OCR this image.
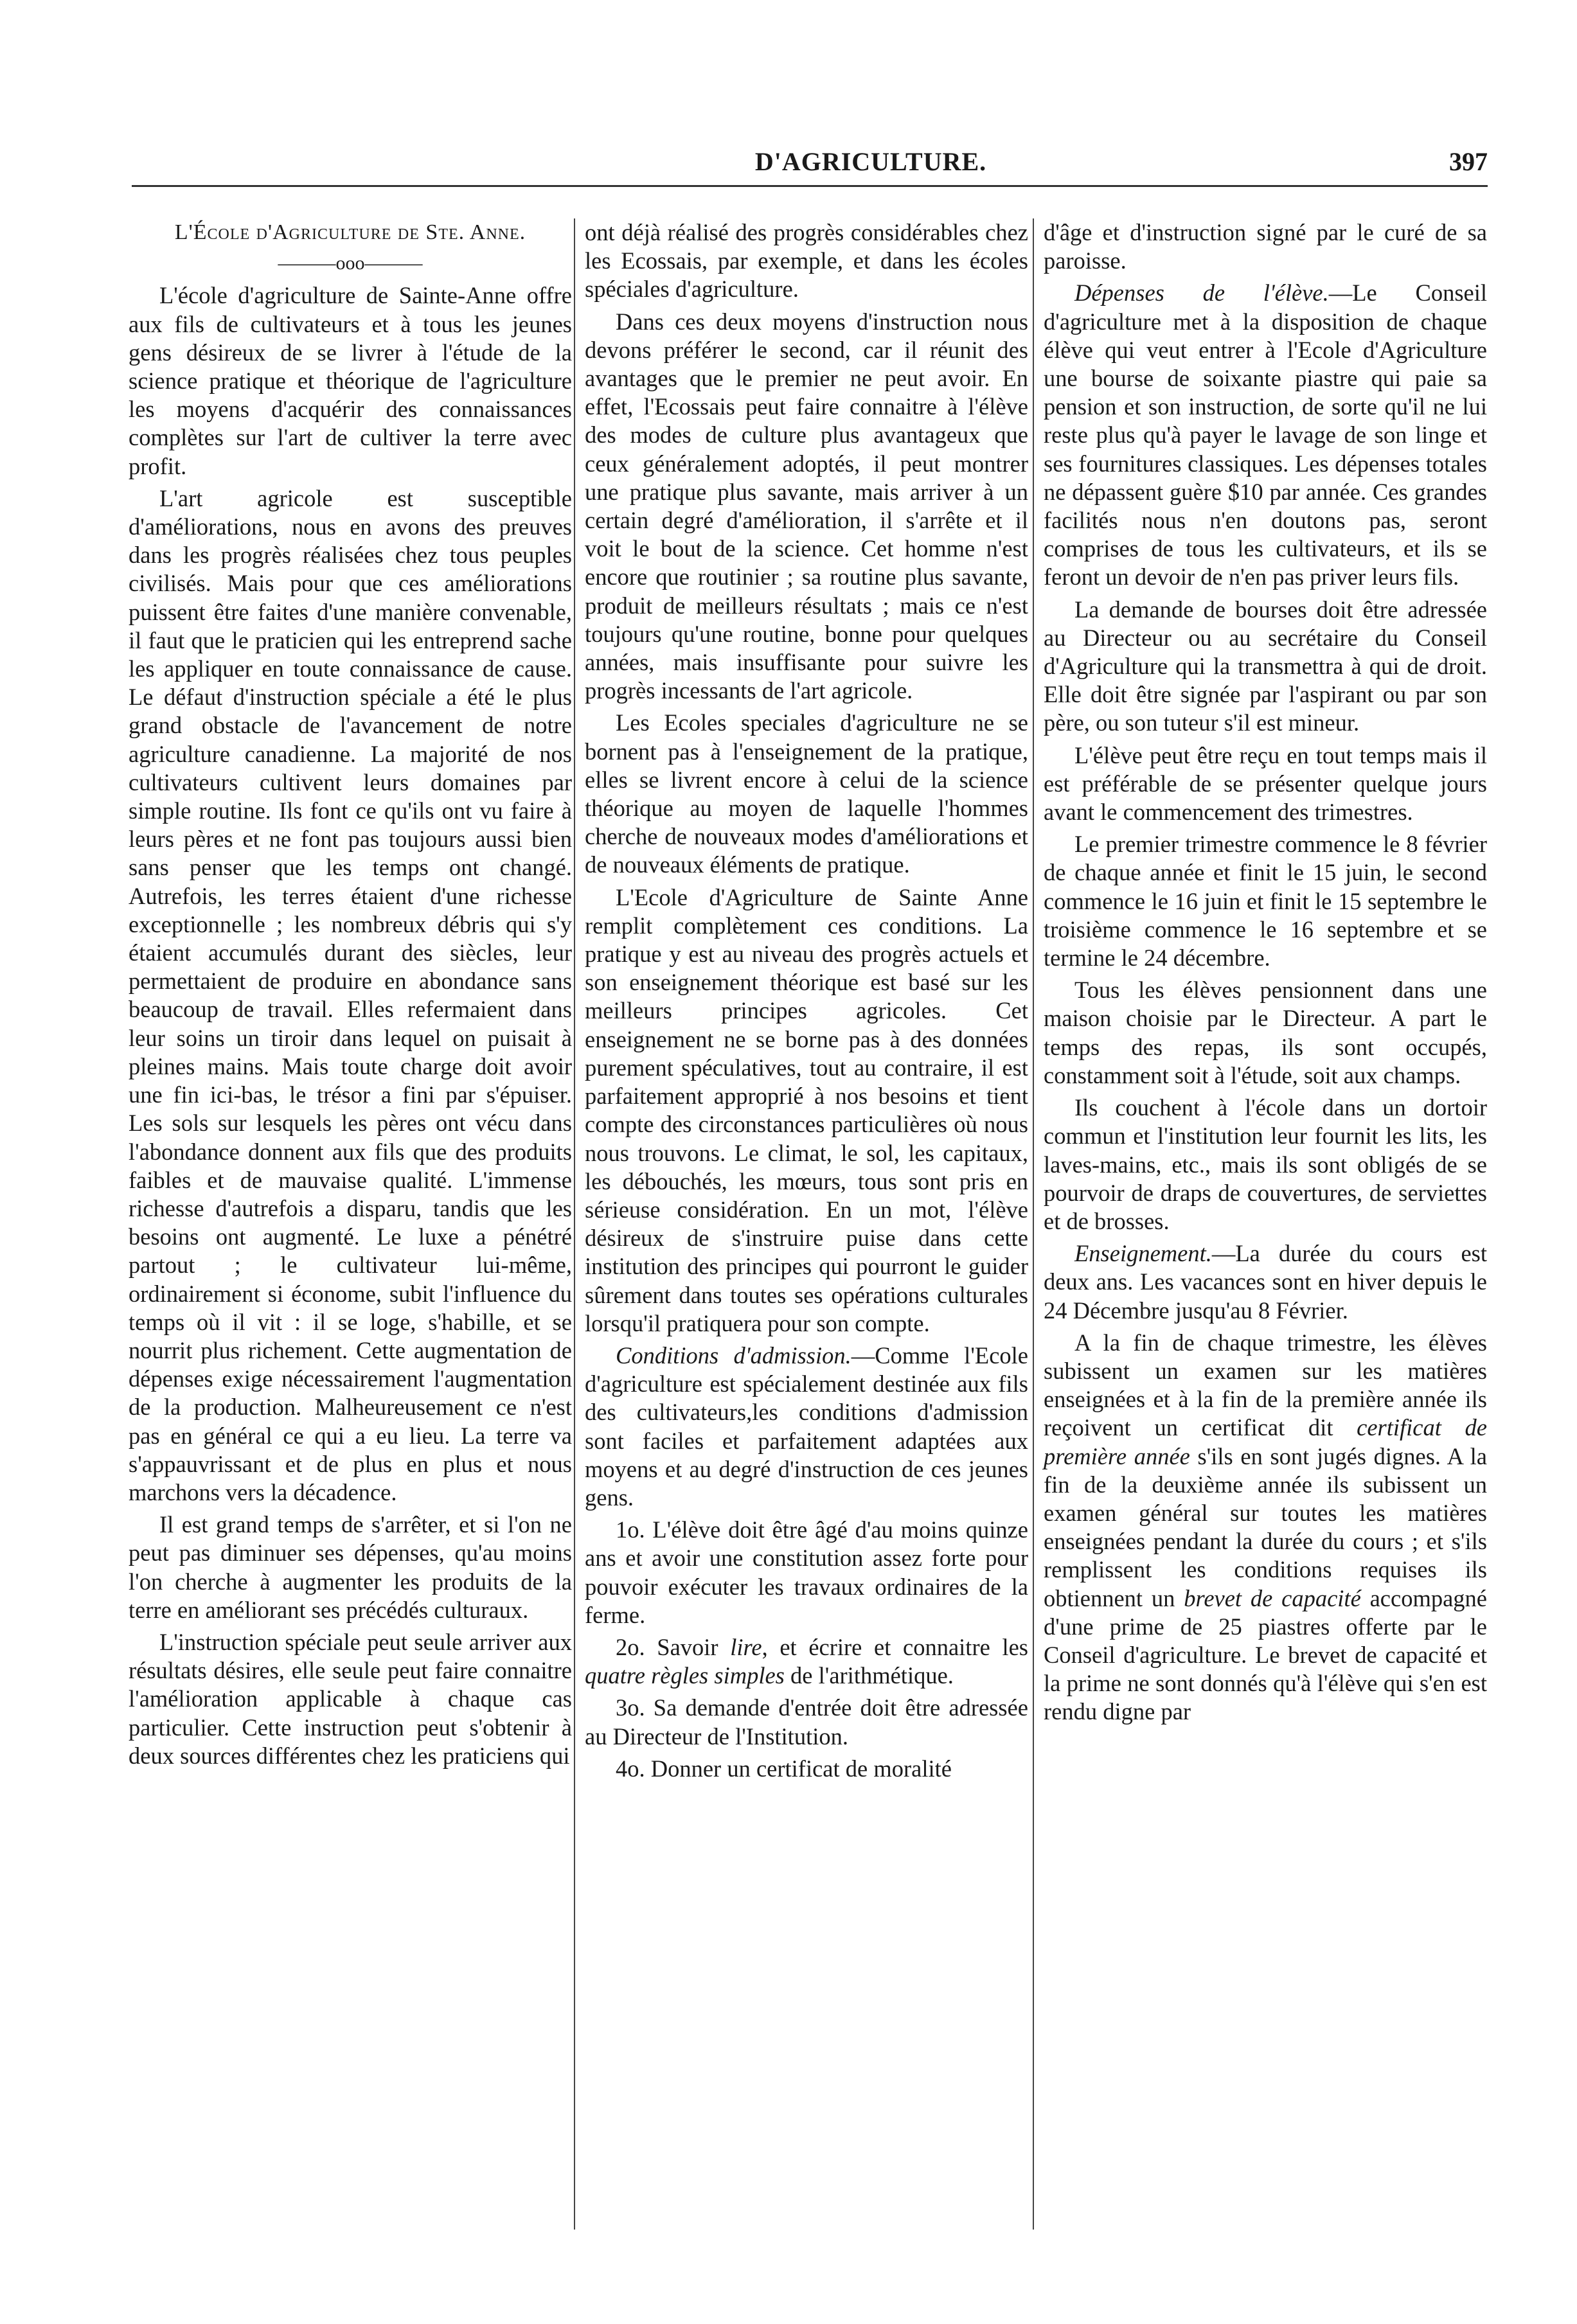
D'AGRICULTURE.	397
L'École d'Agriculture de Ste. Anne.
———ooo———

L'école d'agriculture de Sainte-Anne offre aux fils de cultivateurs et à tous les jeunes gens désireux de se livrer à l'étude de la science pratique et théorique de l'agriculture les moyens d'acquérir des connaissances complètes sur l'art de cultiver la terre avec profit.

L'art agricole est susceptible d'améliorations, nous en avons des preuves dans les progrès réalisées chez tous peuples civilisés. Mais pour que ces améliorations puissent être faites d'une manière convenable, il faut que le praticien qui les entreprend sache les appliquer en toute connaissance de cause. Le défaut d'instruction spéciale a été le plus grand obstacle de l'avancement de notre agriculture canadienne. La majorité de nos cultivateurs cultivent leurs domaines par simple routine. Ils font ce qu'ils ont vu faire à leurs pères et ne font pas toujours aussi bien sans penser que les temps ont changé. Autrefois, les terres étaient d'une richesse exceptionnelle ; les nombreux débris qui s'y étaient accumulés durant des siècles, leur permettaient de produire en abondance sans beaucoup de travail. Elles refermaient dans leur soins un tiroir dans lequel on puisait à pleines mains. Mais toute charge doit avoir une fin ici-bas, le trésor a fini par s'épuiser. Les sols sur lesquels les pères ont vécu dans l'abondance donnent aux fils que des produits faibles et de mauvaise qualité. L'immense richesse d'autrefois a disparu, tandis que les besoins ont augmenté. Le luxe a pénétré partout ; le cultivateur lui-même, ordinairement si économe, subit l'influence du temps où il vit : il se loge, s'habille, et se nourrit plus richement. Cette augmentation de dépenses exige nécessairement l'augmentation de la production. Malheureusement ce n'est pas en général ce qui a eu lieu. La terre va s'appauvrissant et de plus en plus et nous marchons vers la décadence.

Il est grand temps de s'arrêter, et si l'on ne peut pas diminuer ses dépenses, qu'au moins l'on cherche à augmenter les produits de la terre en améliorant ses précédés culturaux.

L'instruction spéciale peut seule arriver aux résultats désires, elle seule peut faire connaitre l'amélioration applicable à chaque cas particulier. Cette instruction peut s'obtenir à deux sources différentes chez les praticiens qui

ont déjà réalisé des progrès considérables chez les Ecossais, par exemple, et dans les écoles spéciales d'agriculture.

Dans ces deux moyens d'instruction nous devons préférer le second, car il réunit des avantages que le premier ne peut avoir. En effet, l'Ecossais peut faire connaitre à l'élève des modes de culture plus avantageux que ceux généralement adoptés, il peut montrer une pratique plus savante, mais arriver à un certain degré d'amélioration, il s'arrête et il voit le bout de la science. Cet homme n'est encore que routinier ; sa routine plus savante, produit de meilleurs résultats ; mais ce n'est toujours qu'une routine, bonne pour quelques années, mais insuffisante pour suivre les progrès incessants de l'art agricole.

Les Ecoles speciales d'agriculture ne se bornent pas à l'enseignement de la pratique, elles se livrent encore à celui de la science théorique au moyen de laquelle l'hommes cherche de nouveaux modes d'améliorations et de nouveaux éléments de pratique.

L'Ecole d'Agriculture de Sainte Anne remplit complètement ces conditions. La pratique y est au niveau des progrès actuels et son enseignement théorique est basé sur les meilleurs principes agricoles. Cet enseignement ne se borne pas à des données purement spéculatives, tout au contraire, il est parfaitement approprié à nos besoins et tient compte des circonstances particulières où nous nous trouvons. Le climat, le sol, les capitaux, les débouchés, les mœurs, tous sont pris en sérieuse considération. En un mot, l'élève désireux de s'instruire puise dans cette institution des principes qui pourront le guider sûrement dans toutes ses opérations culturales lorsqu'il pratiquera pour son compte.

Conditions d'admission.—Comme l'Ecole d'agriculture est spécialement destinée aux fils des cultivateurs,les conditions d'admission sont faciles et parfaitement adaptées aux moyens et au degré d'instruction de ces jeunes gens.

1o. L'élève doit être âgé d'au moins quinze ans et avoir une constitution assez forte pour pouvoir exécuter les travaux ordinaires de la ferme.

2o. Savoir lire, et écrire et connaitre les quatre règles simples de l'arithmétique.

3o. Sa demande d'entrée doit être adressée au Directeur de l'Institution.

4o. Donner un certificat de moralité

d'âge et d'instruction signé par le curé de sa paroisse.

Dépenses de l'élève.—Le Conseil d'agriculture met à la disposition de chaque élève qui veut entrer à l'Ecole d'Agriculture une bourse de soixante piastre qui paie sa pension et son instruction, de sorte qu'il ne lui reste plus qu'à payer le lavage de son linge et ses fournitures classiques. Les dépenses totales ne dépassent guère $10 par année. Ces grandes facilités nous n'en doutons pas, seront comprises de tous les cultivateurs, et ils se feront un devoir de n'en pas priver leurs fils.

La demande de bourses doit être adressée au Directeur ou au secrétaire du Conseil d'Agriculture qui la transmettra à qui de droit. Elle doit être signée par l'aspirant ou par son père, ou son tuteur s'il est mineur.

L'élève peut être reçu en tout temps mais il est préférable de se présenter quelque jours avant le commencement des trimestres.

Le premier trimestre commence le 8 février de chaque année et finit le 15 juin, le second commence le 16 juin et finit le 15 septembre le troisième commence le 16 septembre et se termine le 24 décembre.

Tous les élèves pensionnent dans une maison choisie par le Directeur. A part le temps des repas, ils sont occupés, constamment soit à l'étude, soit aux champs.

Ils couchent à l'école dans un dortoir commun et l'institution leur fournit les lits, les laves-mains, etc., mais ils sont obligés de se pourvoir de draps de couvertures, de serviettes et de brosses.

Enseignement.—La durée du cours est deux ans. Les vacances sont en hiver depuis le 24 Décembre jusqu'au 8 Février.

A la fin de chaque trimestre, les élèves subissent un examen sur les matières enseignées et à la fin de la première année ils reçoivent un certificat dit certificat de première année s'ils en sont jugés dignes. A la fin de la deuxième année ils subissent un examen général sur toutes les matières enseignées pendant la durée du cours ; et s'ils remplissent les conditions requises ils obtiennent un brevet de capacité accompagné d'une prime de 25 piastres offerte par le Conseil d'agriculture. Le brevet de capacité et la prime ne sont donnés qu'à l'élève qui s'en est rendu digne par
